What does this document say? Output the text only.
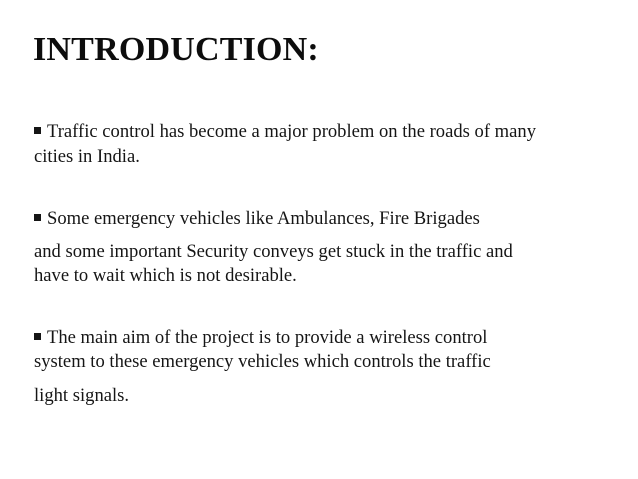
INTRODUCTION:

Traffic control has become a major problem on the roads of many

cities in India.

Some emergency vehicles like Ambulances, Fire Brigades

and some important Security conveys get stuck in the traffic and

have to wait which is not desirable.

The main aim of the project is to provide a wireless control

system to these emergency vehicles which controls the traffic

light signals.
